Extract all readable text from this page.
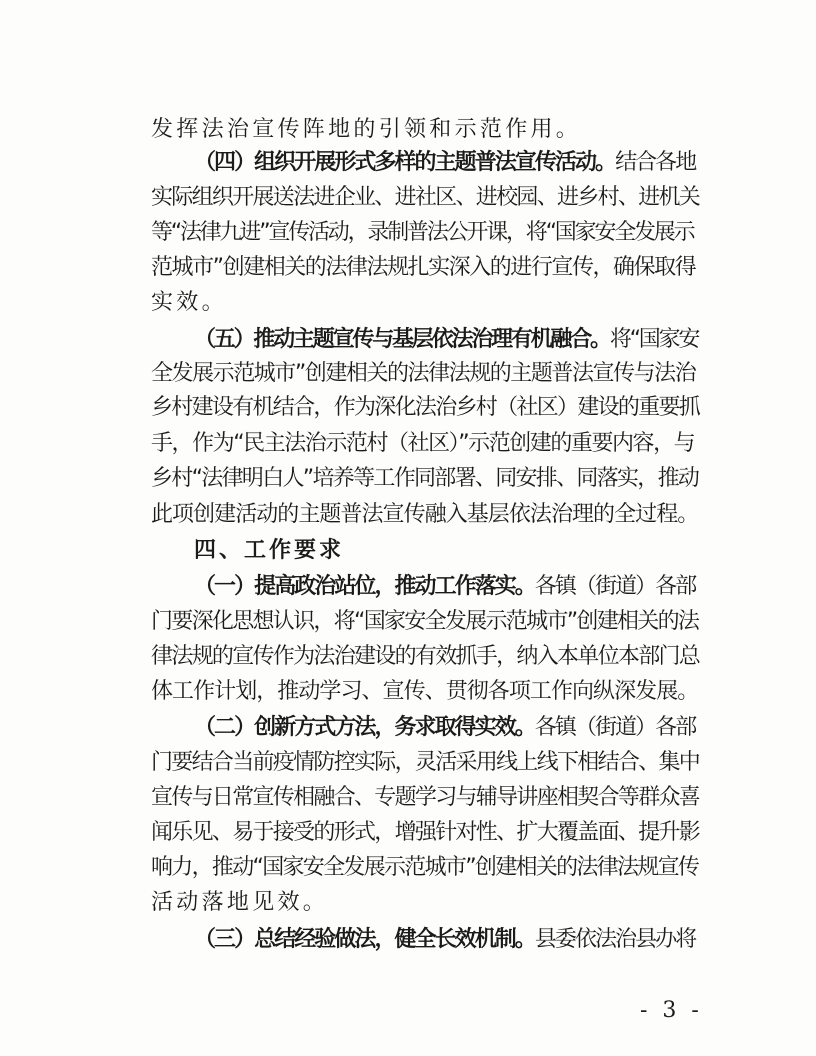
发挥法治宣传阵地的引领和示范作用。
（四）组织开展形式多样的主题普法宣传活动。结合各地
实际组织开展送法进企业、进社区、进校园、进乡村、进机关
等“法律九进”宣传活动，录制普法公开课，将“国家安全发展示
范城市”创建相关的法律法规扎实深入的进行宣传，确保取得
实效。
（五）推动主题宣传与基层依法治理有机融合。将“国家安
全发展示范城市”创建相关的法律法规的主题普法宣传与法治
乡村建设有机结合，作为深化法治乡村（社区）建设的重要抓
手，作为“民主法治示范村（社区）”示范创建的重要内容，与
乡村“法律明白人”培养等工作同部署、同安排、同落实，推动
此项创建活动的主题普法宣传融入基层依法治理的全过程。
四、工作要求
（一）提高政治站位，推动工作落实。各镇（街道）各部
门要深化思想认识，将“国家安全发展示范城市”创建相关的法
律法规的宣传作为法治建设的有效抓手，纳入本单位本部门总
体工作计划，推动学习、宣传、贯彻各项工作向纵深发展。
（二）创新方式方法，务求取得实效。各镇（街道）各部
门要结合当前疫情防控实际，灵活采用线上线下相结合、集中
宣传与日常宣传相融合、专题学习与辅导讲座相契合等群众喜
闻乐见、易于接受的形式，增强针对性、扩大覆盖面、提升影
响力，推动“国家安全发展示范城市”创建相关的法律法规宣传
活动落地见效。
（三）总结经验做法，健全长效机制。县委依法治县办将
- 3 -
